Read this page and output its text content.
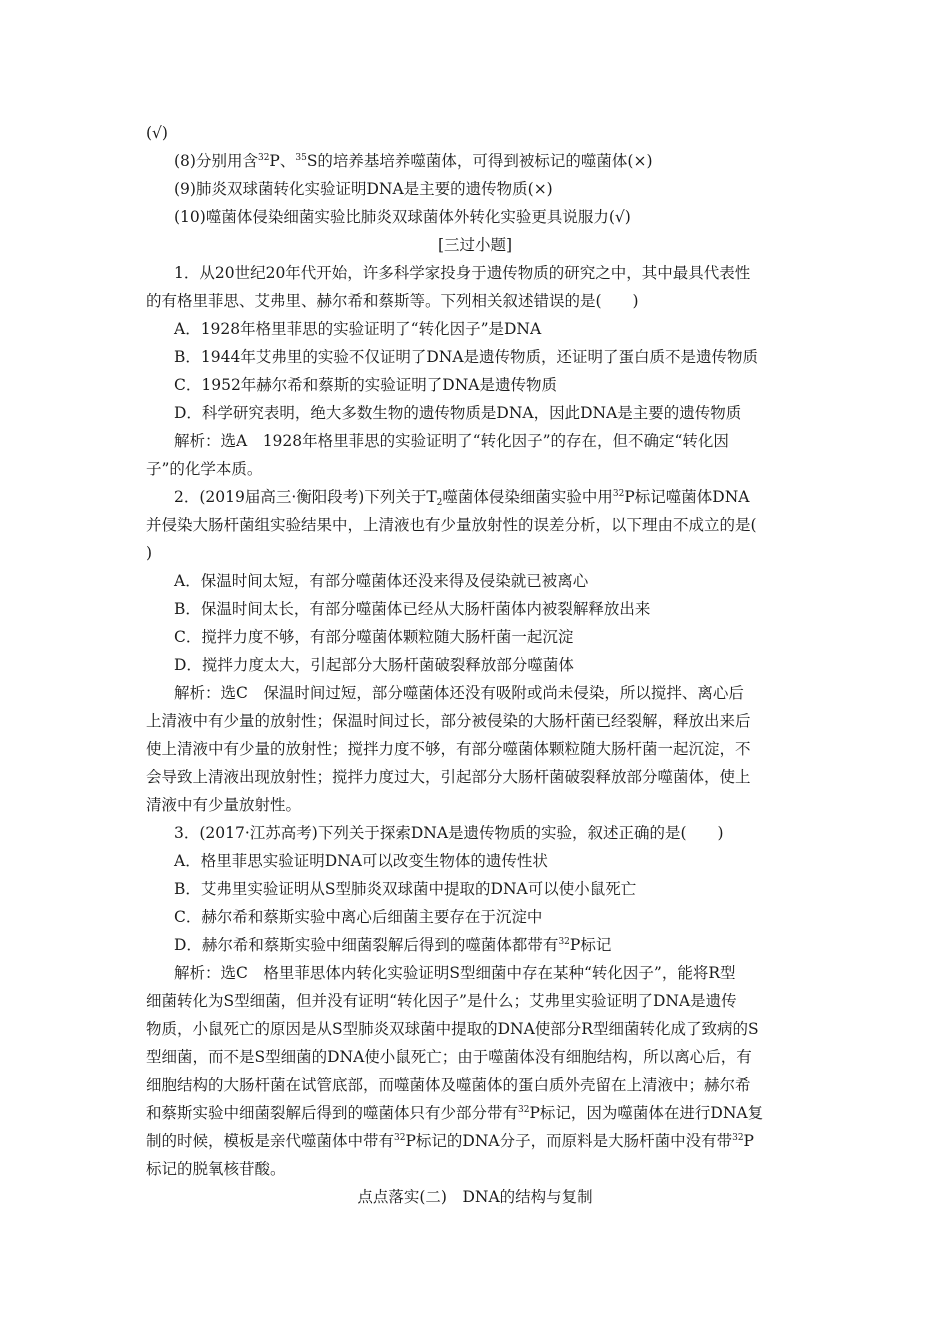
(√)
(8)分别用含$^{32}$P、$^{35}$S的培养基培养噬菌体，可得到被标记的噬菌体(×)
(9)肺炎双球菌转化实验证明DNA是主要的遗传物质(×)
(10)噬菌体侵染细菌实验比肺炎双球菌体外转化实验更具说服力(√)
[三过小题]
1．从20世纪20年代开始，许多科学家投身于遗传物质的研究之中，其中最具代表性
的有格里菲思、艾弗里、赫尔希和蔡斯等。下列相关叙述错误的是(　　)
A．1928年格里菲思的实验证明了“转化因子”是DNA
B．1944年艾弗里的实验不仅证明了DNA是遗传物质，还证明了蛋白质不是遗传物质
C．1952年赫尔希和蔡斯的实验证明了DNA是遗传物质
D．科学研究表明，绝大多数生物的遗传物质是DNA，因此DNA是主要的遗传物质
解析：选A　1928年格里菲思的实验证明了“转化因子”的存在，但不确定“转化因
子”的化学本质。
2．(2019届高三·衡阳段考)下列关于$T_2$噬菌体侵染细菌实验中用$^{32}$P标记噬菌体DNA
并侵染大肠杆菌组实验结果中，上清液也有少量放射性的误差分析，以下理由不成立的是(
)
A．保温时间太短，有部分噬菌体还没来得及侵染就已被离心
B．保温时间太长，有部分噬菌体已经从大肠杆菌体内被裂解释放出来
C．搅拌力度不够，有部分噬菌体颗粒随大肠杆菌一起沉淀
D．搅拌力度太大，引起部分大肠杆菌破裂释放部分噬菌体
解析：选C　保温时间过短，部分噬菌体还没有吸附或尚未侵染，所以搅拌、离心后
上清液中有少量的放射性；保温时间过长，部分被侵染的大肠杆菌已经裂解，释放出来后
使上清液中有少量的放射性；搅拌力度不够，有部分噬菌体颗粒随大肠杆菌一起沉淀，不
会导致上清液出现放射性；搅拌力度过大，引起部分大肠杆菌破裂释放部分噬菌体，使上
清液中有少量放射性。
3．(2017·江苏高考)下列关于探索DNA是遗传物质的实验，叙述正确的是(　　)
A．格里菲思实验证明DNA可以改变生物体的遗传性状
B．艾弗里实验证明从S型肺炎双球菌中提取的DNA可以使小鼠死亡
C．赫尔希和蔡斯实验中离心后细菌主要存在于沉淀中
D．赫尔希和蔡斯实验中细菌裂解后得到的噬菌体都带有$^{32}$P标记
解析：选C　格里菲思体内转化实验证明S型细菌中存在某种“转化因子”，能将R型
细菌转化为S型细菌，但并没有证明“转化因子”是什么；艾弗里实验证明了DNA是遗传
物质，小鼠死亡的原因是从S型肺炎双球菌中提取的DNA使部分R型细菌转化成了致病的S
型细菌，而不是S型细菌的DNA使小鼠死亡；由于噬菌体没有细胞结构，所以离心后，有
细胞结构的大肠杆菌在试管底部，而噬菌体及噬菌体的蛋白质外壳留在上清液中；赫尔希
和蔡斯实验中细菌裂解后得到的噬菌体只有少部分带有$^{32}$P标记，因为噬菌体在进行DNA复
制的时候，模板是亲代噬菌体中带有$^{32}$P标记的DNA分子，而原料是大肠杆菌中没有带$^{32}$P
标记的脱氧核苷酸。
点点落实(二)　DNA的结构与复制
